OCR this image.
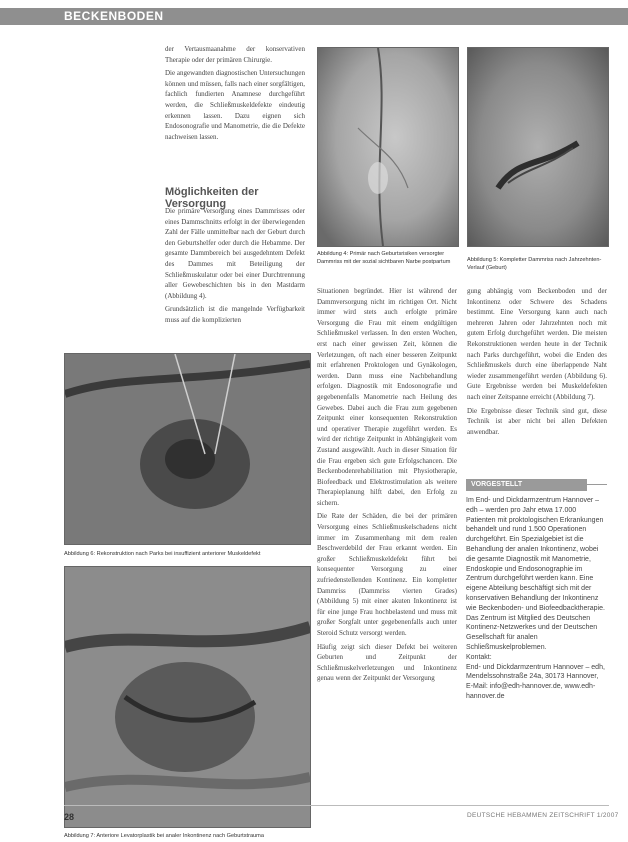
BECKENBODEN

der Vertausmaanahme der konservativen Therapie oder der primären Chirurgie.

Die angewandten diagnostischen Untersuchungen können und müssen, falls nach einer sorgfältigen, fachlich fundierten Anamnese durchgeführt werden, die Schließmuskeldefekte eindeutig erkennen lassen. Dazu eignen sich Endosonografie und Manometrie, die die Defekte nachweisen lassen.

Möglichkeiten der Versorgung

Die primäre Versorgung eines Dammrisses oder eines Dammschnitts erfolgt in der überwiegenden Zahl der Fälle unmittelbar nach der Geburt durch den Geburtshelfer oder durch die Hebamme. Der gesamte Dammbereich bei ausgedehntem Defekt des Dammes mit Beteiligung der Schließmuskulatur oder bei einer Durchtrennung aller Gewebeschichten bis in den Mastdarm (Abbildung 4).

Grundsätzlich ist die mangelnde Verfügbarkeit muss auf die komplizierten

Abbildung 4: Primär nach Geburtsrisiken versorgter Dammriss mit der sozial sichtbaren Narbe postpartum	Abbildung 5: Kompletter Dammriss nach Jahrzehnten-Verlauf (Geburt)
Abbildung 6: Rekonstruktion nach Parks bei insuffizient anteriorer Muskeldefekt
Abbildung 7: Anteriore Levatorplastik bei analer Inkontinenz nach Geburtstrauma

Situationen begründet. Hier ist während der Dammversorgung nicht im richtigen Ort. Nicht immer wird stets auch erfolgte primäre Versorgung die Frau mit einem endgültigen Schließmuskel verlassen. In den ersten Wochen, erst nach einer gewissen Zeit, können die Verletzungen, oft nach einer besseren Zeitpunkt mit erfahrenen Proktologen und Gynäkologen, werden. Dann muss eine Nachbehandlung erfolgen. Diagnostik mit Endosonografie und gegebenenfalls Manometrie nach Heilung des Gewebes. Dabei auch die Frau zum gegebenen Zeitpunkt einer konsequenten Rekonstruktion und operativer Therapie zugeführt werden. Es wird der richtige Zeitpunkt in Abhängigkeit vom Zustand ausgewählt. Auch in dieser Situation für die Frau ergeben sich gute Erfolgschancen. Die Beckenbodenrehabilitation mit Physiotherapie, Biofeedback und Elektrostimulation als weitere Therapieplanung hilft dabei, den Erfolg zu sichern.

Die Rate der Schäden, die bei der primären Versorgung eines Schließmuskelschadens nicht immer im Zusammenhang mit dem realen Beschwerdebild der Frau erkannt werden. Ein großer Schließmuskeldefekt führt bei konsequenter Versorgung zu einer zufriedenstellenden Kontinenz. Ein kompletter Dammriss (Dammriss vierten Grades) (Abbildung 5) mit einer akuten Inkontinenz ist für eine junge Frau hochbelastend und muss mit großer Sorgfalt unter gegebenenfalls auch unter Steroid Schutz versorgt werden.

Häufig zeigt sich dieser Defekt bei weiteren Geburten und Zeitpunkt der Schließmuskelverletzungen und Inkontinenz genau wenn der Zeitpunkt der Versorgung

gung abhängig vom Beckenboden und der Inkontinenz oder Schwere des Schadens bestimmt. Eine Versorgung kann auch nach mehreren Jahren oder Jahrzehnten noch mit gutem Erfolg durchgeführt werden. Die meisten Rekonstruktionen werden heute in der Technik nach Parks durchgeführt, wobei die Enden des Schließmuskels durch eine überlappende Naht wieder zusammengeführt werden (Abbildung 6). Gute Ergebnisse werden bei Muskeldefekten nach einer Zeitspanne erreicht (Abbildung 7).

Die Ergebnisse dieser Technik sind gut, diese Technik ist aber nicht bei allen Defekten anwendbar.

VORGESTELLT
Im End- und Dickdarmzentrum Hannover – edh – werden pro Jahr etwa 17.000 Patienten mit proktologischen Erkrankungen behandelt und rund 1.500 Operationen durchgeführt. Ein Spezialgebiet ist die Behandlung der analen Inkontinenz, wobei die gesamte Diagnostik mit Manometrie, Endoskopie und Endosonographie im Zentrum durchgeführt werden kann. Eine eigene Abteilung beschäftigt sich mit der konservativen Behandlung der Inkontinenz wie Beckenboden- und Biofeedbacktherapie. Das Zentrum ist Mitglied des Deutschen Kontinenz-Netzwerkes und der Deutschen Gesellschaft für analen Schließmuskelproblemen.
Kontakt:
End- und Dickdarmzentrum Hannover – edh, Mendelssohnstraße 24a, 30173 Hannover, E-Mail: info@edh-hannover.de, www.edh-hannover.de
28	DEUTSCHE HEBAMMEN ZEITSCHRIFT 1/2007
